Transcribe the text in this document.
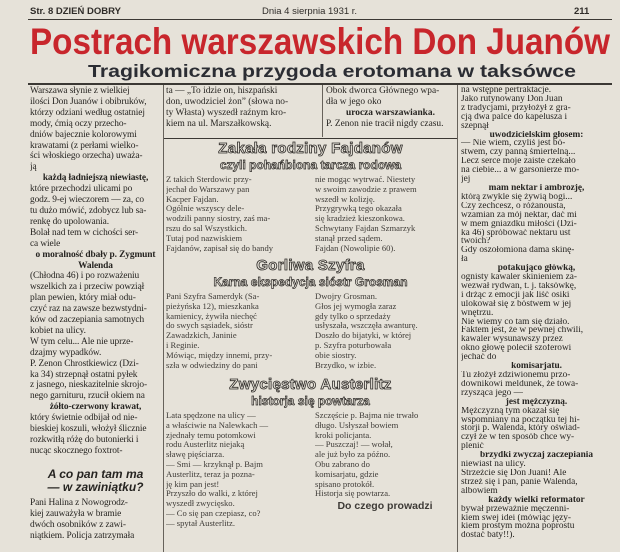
Str. 8 DZIEŃ DOBRY	Dnia 4 sierpnia 1931 r.	211
Postrach warszawskich Don Juanów
Tragikomiczna przygoda erotomana w taksówce
Warszawa słynie z wielkiej
ilości Don Juanów i obibruków,
którzy odziani według ostatniej
mody, ćmią oczy przecho-
dniów bajecznie kolorowymi
krawatami (z perłami wielko-
ści włoskiego orzecha) uważa-
ją
każdą ładniejszą niewiastę,
które przechodzi ulicami po
godz. 9-ej wieczorem — za, co
tu dużo mówić, zdobycz lub sa-
renkę do upolowania.
Bolał nad tem w cichości ser-
ca wiele
o moralność dbały p. Zygmunt
Walenda
(Chłodna 46) i po rozważeniu
wszelkich za i przeciw powziął
plan pewien, który miał odu-
czyć raz na zawsze bezwstydni-
ków od zaczepiania samotnych
kobiet na ulicy.
W tym celu... Ale nie uprze-
dzajmy wypadków.
P. Zenon Chrostkiewicz (Dzi-
ka 34) strzepnął ostatni pyłek
z jasnego, nieskazitelnie skrojo-
nego garnituru, rzucił okiem na
żółto-czerwony krawat,
który świetnie odbijał od nie-
bieskiej koszuli, włożył ślicznie
rozkwitłą różę do butonierki i
nucąc skocznego foxtrot-
A co pan tam ma
— w zawiniątku?
Pani Halina z Nowogrodz-
kiej zauważyła w bramie
dwóch osobników z zawi-
niątkiem. Policja zatrzymała
ta — „To idzie on, hiszpański
don, uwodziciel żon” (słowa no-
ty Własta) wyszedł raźnym kro-
kiem na ul. Marszałkowską.
Obok dworca Głównego wpa-
dła w jego oko
urocza warszawianka.
P. Zenon nie tracił nigdy czasu.
na wstępne pertraktacje.
Jako rutynowany Don Juan
z tradycjami, przyłożył z gra-
cją dwa palce do kapelusza i
szepnął
uwodzicielskim głosem:
— Nie wiem, czyliś jest bó-
stwem, czy panną śmiertelną...
Lecz serce moje zaiste czekało
na ciebie... a w garsonierze mo-
jej
mam nektar i ambrozję,
którą zwykle się żywią bogi...
Czy zechcesz, o różanousta,
wzamian za mój nektar, dać mi
w mem gniazdku miłości (Dzi-
ka 46) spróbować nektaru ust
twoich?
Gdy oszołomiona dama skinę-
ła
potakująco główką,
ognisty kawaler skinieniem za-
wezwał rydwan, t. j. taksówkę,
i drżąc z emocji jak liść osiki
ulokował się z bóstwem w jej
wnętrzu.
Nie wiemy co tam się działo.
Faktem jest, że w pewnej chwili,
kawaler wysunawszy przez
okno głowę polecił szoferowi
jechać do
komisarjatu.
Tu złożył zdziwionemu przo-
downikowi meldunek, że towa-
rzysząca jego —
jest mężczyzną.
Mężczyzną tym okazał się
wspomniany na początku tej hi-
storji p. Walenda, który oświad-
czył że w ten sposób chce wy-
plenić
brzydki zwyczaj zaczepiania
niewiast na ulicy.
Strzeżcie się Don Juani! Ale
strzeż się i pan, panie Walenda,
albowiem
każdy wielki reformator
bywał przeważnie męczenni-
kiem swej idei (mówiąc języ-
kiem prostym można poprostu
dostać baty!!).
Zakała rodziny Fajdanów
czyli pohańbiona tarcza rodowa
Z takich Sterdowic przy-
jechał do Warszawy pan
Kacper Fajdan.
Ogólnie wszyscy dele-
wodzili panny siostry, zaś ma-
rszu do sal Wszystkich.
Tutaj pod nazwiskiem
Fajdanów, zapisał się do bandy
nie mogąc wytrwać. Niestety
w swoim zawodzie z prawem
wszedł w kolizję.
Przygrywką tego okazała
się kradzież kieszonkowa.
Schwytany Fajdan Szmarzyk
stanął przed sądem.
Fajdan (Nowolipie 60).
Gorliwa Szyfra
Karna ekspedycja sióstr Grosman
Pani Szyfra Samerdyk (Sa-
pieżyńska 12), mieszkanka
kamienicy, żywiła niechęć
do swych sąsiadek, sióstr
Zawadzkich, Janinie
i Reginie.
Mówiąc, między innemi, przy-
szła w odwiedziny do pani
Dwojry Grosman.
Głos jej wymogła zaraz
gdy tylko o sprzedaży
usłyszała, wszczęła awanturę.
Doszło do bijatyki, w której
p. Szyfra poturbowała
obie siostry.
Brzydko, w izbie.
Zwycięstwo Austerlitz
historja się powtarza
Lata spędzone na ulicy —
a właściwie na Nalewkach —
zjednały temu potomkowi
rodu Austerlitz niejaką
sławę pięściarza.
— Smi — krzyknął p. Bajm
Austerlitz, teraz ja pozna-
ję kim pan jest!
Przyszło do walki, z której
wyszedł zwycięsko.
— Co się pan czepiasz, co?
— spytał Austerlitz.
Szczęście p. Bajma nie trwało
długo. Usłyszał bowiem
kroki policjanta.
— Puszczaj! — wołał,
ale już było za późno.
Obu zabrano do
komisarjatu, gdzie
spisano protokół.
Historja się powtarza.
Do czego prowadzi
